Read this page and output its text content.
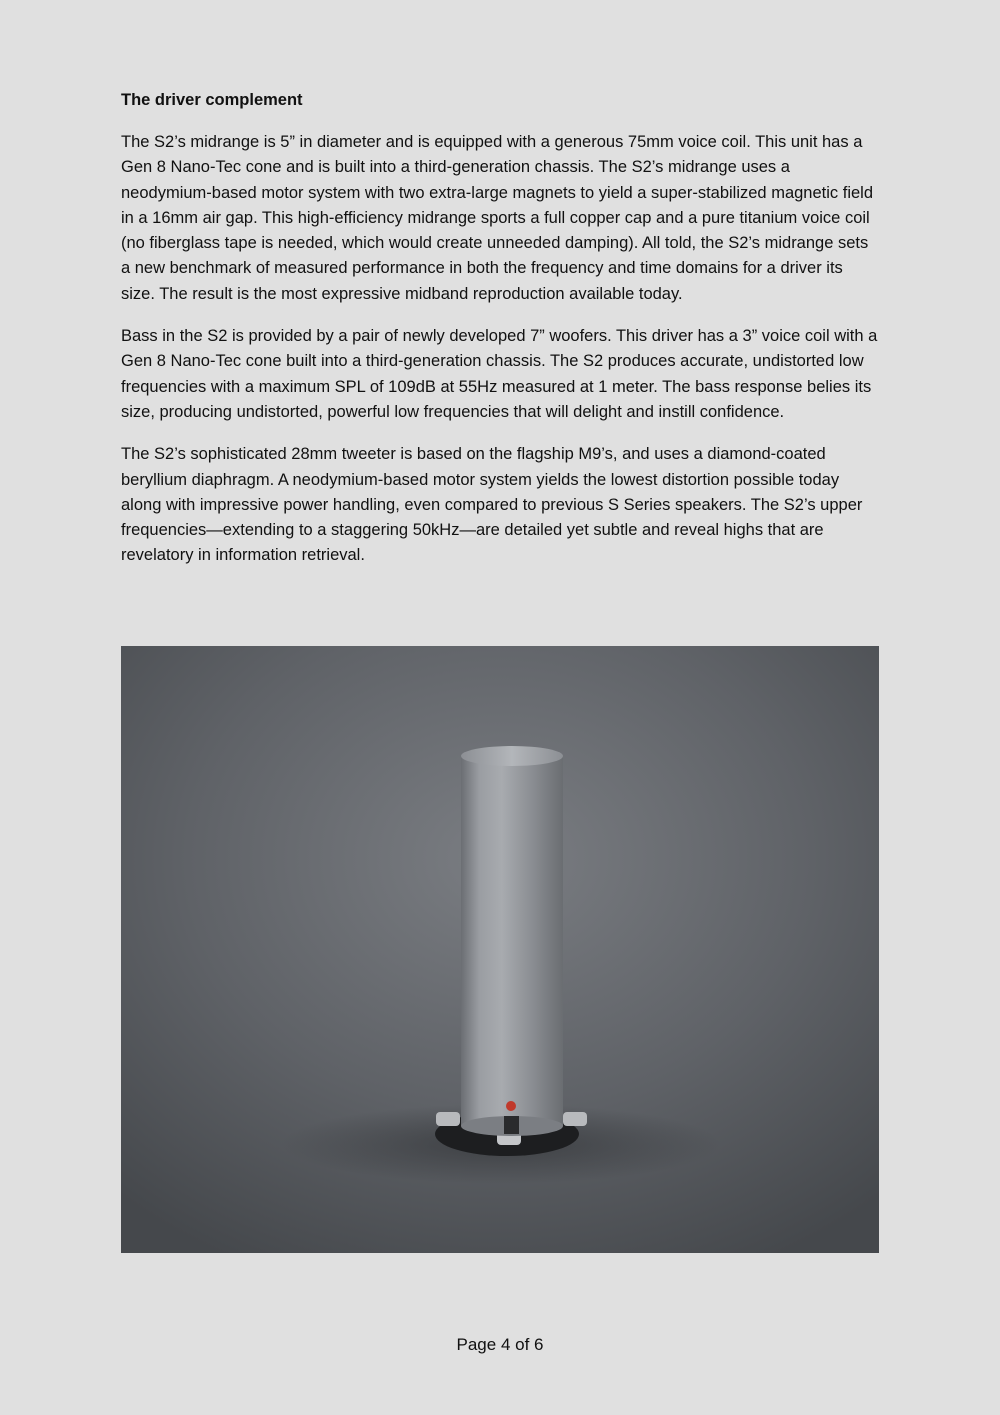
The driver complement

The S2’s midrange is 5” in diameter and is equipped with a generous 75mm voice coil. This unit has a Gen 8 Nano-Tec cone and is built into a third-generation chassis. The S2’s midrange uses a neodymium-based motor system with two extra-large magnets to yield a super-stabilized magnetic field in a 16mm air gap. This high-efficiency midrange sports a full copper cap and a pure titanium voice coil (no fiberglass tape is needed, which would create unneeded damping). All told, the S2’s midrange sets a new benchmark of measured performance in both the frequency and time domains for a driver its size. The result is the most expressive midband reproduction available today.

Bass in the S2 is provided by a pair of newly developed 7” woofers. This driver has a 3” voice coil with a Gen 8 Nano-Tec cone built into a third-generation chassis. The S2 produces accurate, undistorted low frequencies with a maximum SPL of 109dB at 55Hz measured at 1 meter. The bass response belies its size, producing undistorted, powerful low frequencies that will delight and instill confidence.

The S2’s sophisticated 28mm tweeter is based on the flagship M9’s, and uses a diamond-coated beryllium diaphragm. A neodymium-based motor system yields the lowest distortion possible today along with impressive power handling, even compared to previous S Series speakers. The S2’s upper frequencies—extending to a staggering 50kHz—are detailed yet subtle and reveal highs that are revelatory in information retrieval.

Page 4 of 6
